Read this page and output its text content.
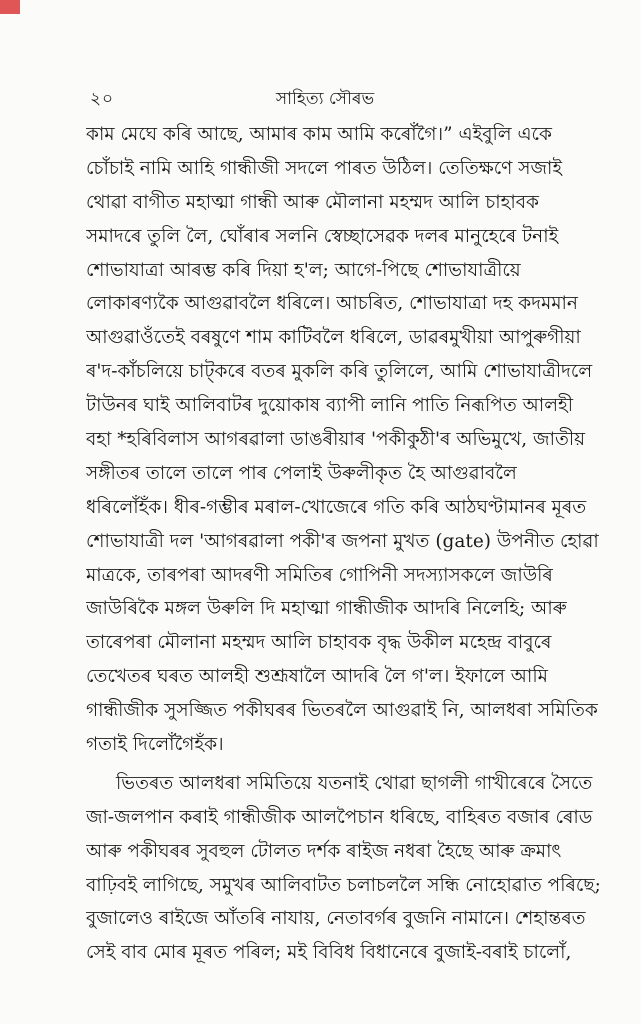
২০	সাহিত্য সৌৰভ
কাম মেঘে কৰি আছে, আমাৰ কাম আমি কৰোঁগৈ।” এইবুলি একে
চোঁচাই নামি আহি গান্ধীজী সদলে পাৰত উঠিল। তেতিক্ষণে সজাই
থোৱা বাগীত মহাত্মা গান্ধী আৰু মৌলানা মহম্মদ আলি চাহাবক
সমাদৰে তুলি লৈ, ঘোঁৰাৰ সলনি স্বেচ্ছাসেৱক দলৰ মানুহেৰে টনাই
শোভাযাত্ৰা আৰম্ভ কৰি দিয়া হ'ল; আগে-পিছে শোভাযাত্ৰীয়ে
লোকাৰণ্যকৈ আগুৱাবলৈ ধৰিলে। আচৰিত, শোভাযাত্ৰা দহ কদমমান
আগুৱাওঁতেই বৰষুণে শাম কাটিবলৈ ধৰিলে, ডাৱৰমুখীয়া আপুৰুগীয়া
ৰ'দ-কাঁচলিয়ে চাট্‌কৰে বতৰ মুকলি কৰি তুলিলে, আমি শোভাযাত্ৰীদলে
টাউনৰ ঘাই আলিবাটৰ দুয়োকাষ ব্যাপী লানি পাতি নিৰূপিত আলহী
বহা *হৰিবিলাস আগৰৱালা ডাঙৰীয়াৰ 'পকীকুঠী'ৰ অভিমুখে, জাতীয়
সঙ্গীতৰ তালে তালে পাৰ পেলাই উৰুলীকৃত হৈ আগুৱাবলৈ
ধৰিলোঁহঁক। ধীৰ-গম্ভীৰ মৰাল-খোজেৰে গতি কৰি আঠঘণ্টামানৰ মূৰত
শোভাযাত্ৰী দল 'আগৰৱালা পকী'ৰ জপনা মুখত (gate) উপনীত হোৱা
মাত্ৰকে, তাৰপৰা আদৰণী সমিতিৰ গোপিনী সদস্যাসকলে জাউৰি
জাউৰিকৈ মঙ্গল উৰুলি দি মহাত্মা গান্ধীজীক আদৰি নিলেহি; আৰু
তাৰেপৰা মৌলানা মহম্মদ আলি চাহাবক বৃদ্ধ উকীল মহেন্দ্ৰ বাবুৰে
তেখেতৰ ঘৰত আলহী শুশ্ৰূষালৈ আদৰি লৈ গ'ল। ইফালে আমি
গান্ধীজীক সুসজ্জিত পকীঘৰৰ ভিতৰলৈ আগুৱাই নি, আলধৰা সমিতিক
গতাই দিলোঁগৈহঁক।
ভিতৰত আলধৰা সমিতিয়ে যতনাই থোৱা ছাগলী গাখীৰেৰে সৈতে
জা-জলপান কৰাই গান্ধীজীক আলপৈচান ধৰিছে, বাহিৰত বজাৰ ৰোড
আৰু পকীঘৰৰ সুবহুল টোলত দৰ্শক ৰাইজ নধৰা হৈছে আৰু ক্ৰমাৎ
বাঢ়িবই লাগিছে, সমুখৰ আলিবাটত চলাচললৈ সন্ধি নোহোৱাত পৰিছে;
বুজালেও ৰাইজে আঁতৰি নাযায়, নেতাবৰ্গৰ বুজনি নামানে। শেহান্তৰত
সেই বাব মোৰ মূৰত পৰিল; মই বিবিধ বিধানেৰে বুজাই-বৰাই চালোঁ,
